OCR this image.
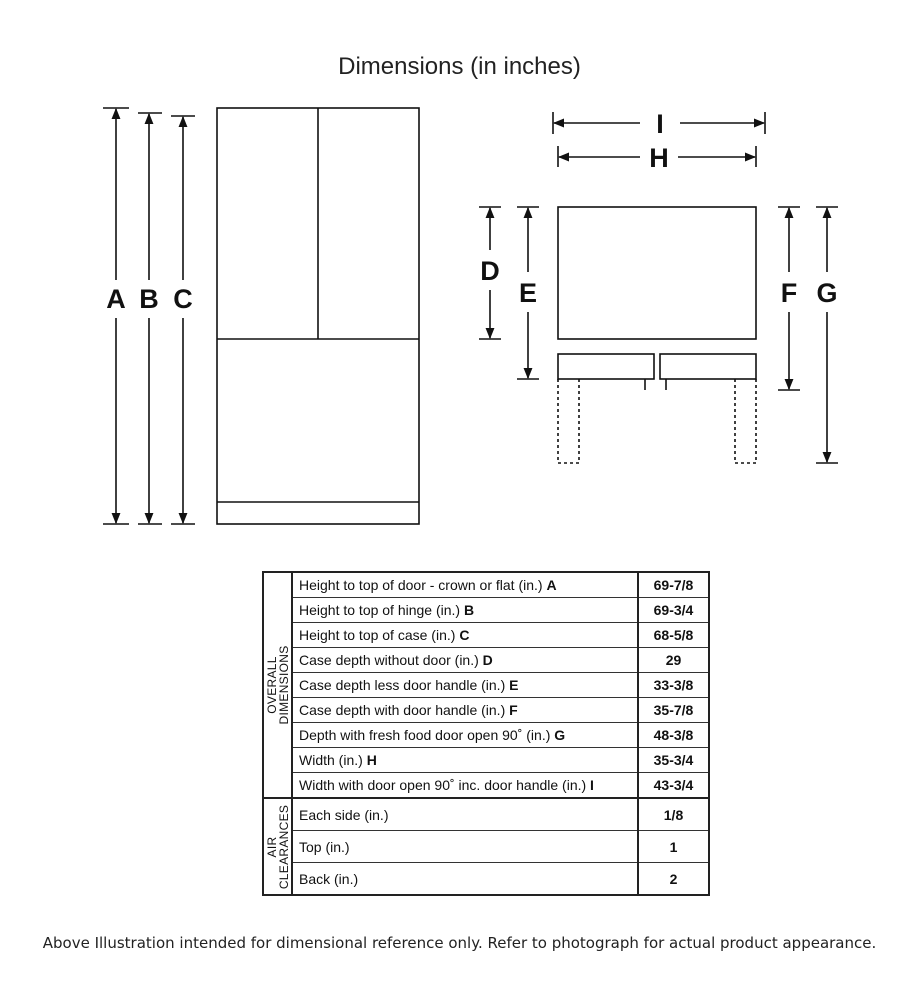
Dimensions (in inches)
A B C
I
H
D
E	F G
OVERALL
DIMENSIONS	Height to top of door - crown or flat (in.) A	69-7/8
	Height to top of hinge (in.) B	69-3/4
	Height to top of case (in.) C	68-5/8
	Case depth without door (in.) D	29
	Case depth less door handle (in.) E	33-3/8
	Case depth with door handle (in.) F	35-7/8
	Depth with fresh food door open 90˚ (in.) G	48-3/8
	Width (in.) H	35-3/4
	Width with door open 90˚ inc. door handle (in.) I	43-3/4

AIR
CLEARANCES	Each side (in.)	1/8
	Top (in.)	1
	Back (in.)	2
Above Illustration intended for dimensional reference only. Refer to photograph for actual product appearance.
